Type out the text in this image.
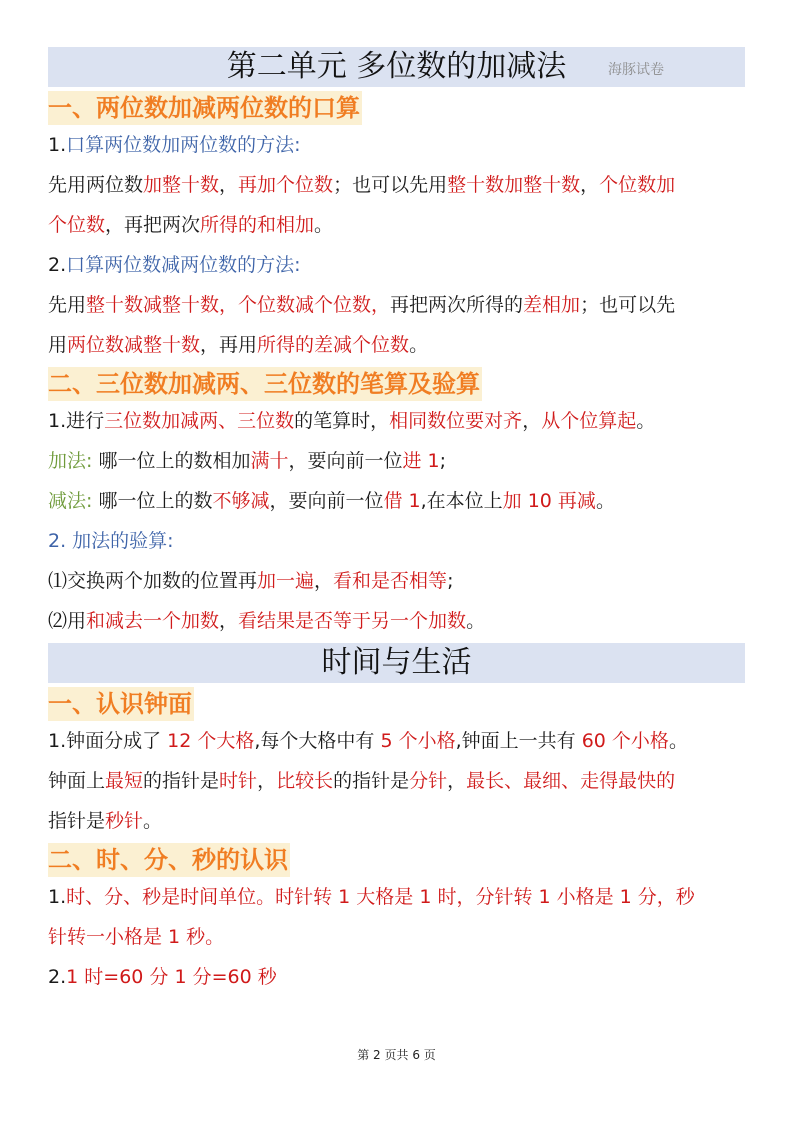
第二单元 多位数的加减法	海豚试卷
一、两位数加减两位数的口算
1.口算两位数加两位数的方法:
先用两位数加整十数，再加个位数；也可以先用整十数加整十数，个位数加
个位数，再把两次所得的和相加。
2.口算两位数减两位数的方法:
先用整十数减整十数，个位数减个位数，再把两次所得的差相加；也可以先
用两位数减整十数，再用所得的差减个位数。
二、三位数加减两、三位数的笔算及验算
1.进行三位数加减两、三位数的笔算时，相同数位要对齐，从个位算起。
加法: 哪一位上的数相加满十，要向前一位进 1;
减法: 哪一位上的数不够减，要向前一位借 1,在本位上加 10 再减。
2. 加法的验算:
⑴交换两个加数的位置再加一遍，看和是否相等;
⑵用和减去一个加数，看结果是否等于另一个加数。
时间与生活
一、认识钟面
1.钟面分成了 12 个大格,每个大格中有 5 个小格,钟面上一共有 60 个小格。
钟面上最短的指针是时针，比较长的指针是分针，最长、最细、走得最快的
指针是秒针。
二、时、分、秒的认识
1.时、分、秒是时间单位。时针转 1 大格是 1 时，分针转 1 小格是 1 分，秒
针转一小格是 1 秒。
2.1 时=60 分 1 分=60 秒
第 2 页共 6 页
